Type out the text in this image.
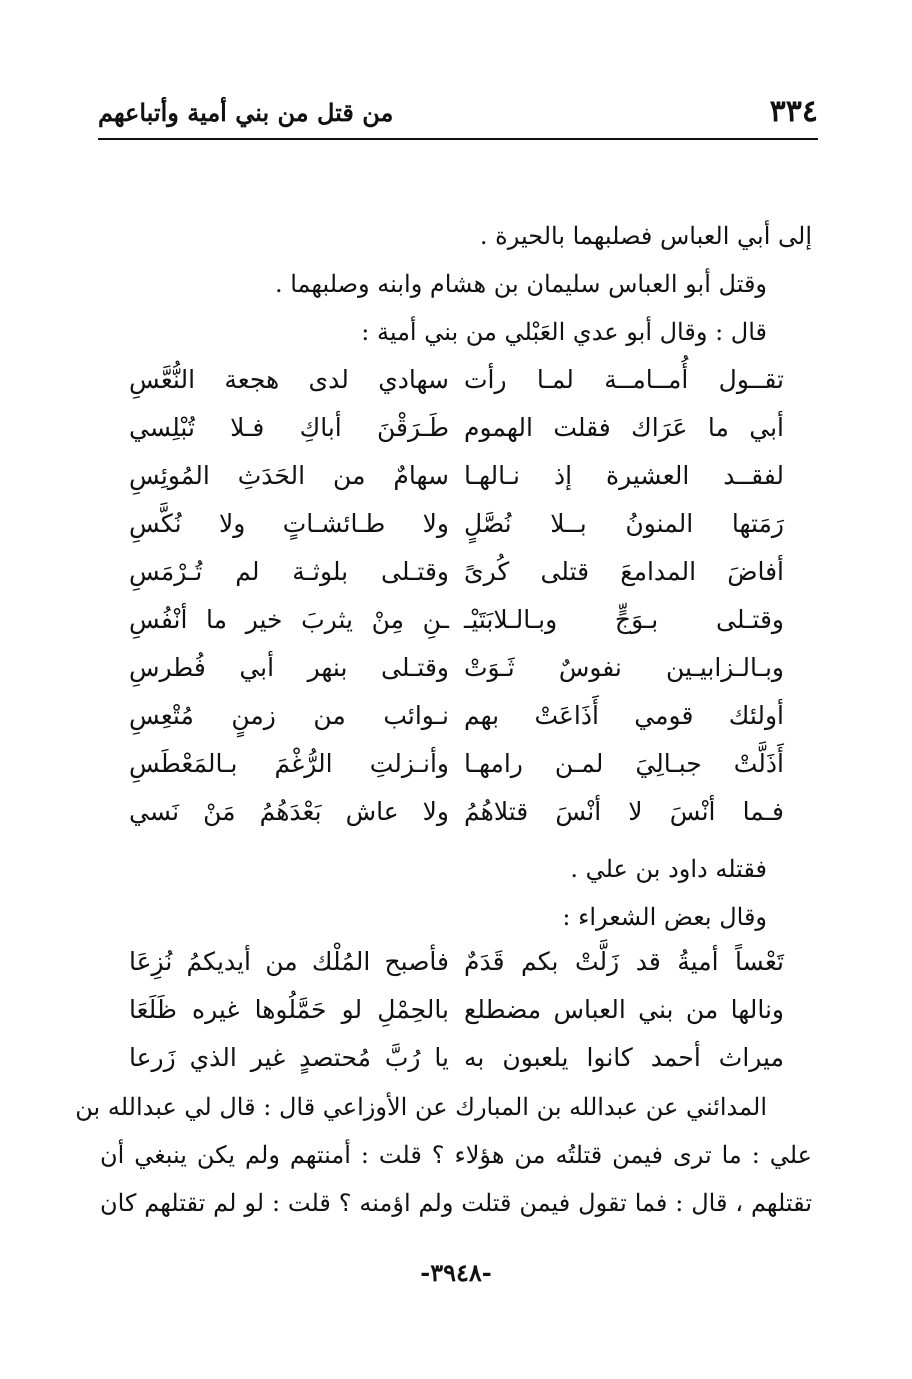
٣٣٤
من قتل من بني أمية وأتباعهم
إلى أبي العباس فصلبهما بالحيرة .
وقتل أبو العباس سليمان بن هشام وابنه وصلبهما .
قال : وقال أبو عدي العَبْلي من بني أمية :
تقــول أُمــامــة لمـا رأت
سهادي لدى هجعة النُّعَّسِ
أبي ما عَرَاك فقلت الهموم
طَـرَقْنَ أباكِ فـلا تُبْلِسي
لفقــد العشيرة إذ نـالهـا
سهامٌ من الحَدَثِ المُوئِسِ
رَمَتها المنونُ بــلا نُصَّلٍ
ولا طـائشـاتٍ ولا نُكَّسِ
أفاضَ المدامعَ قتلى كُرىً
وقتـلى بلوثـة لم تُـرْمَسِ
وقتـلى بـوَجٍّ وبـالـلابَتَيْـ
ـنِ مِنْ يثربَ خير ما أنْفُسِ
وبـالـزابيـين نفوسٌ ثَـوَتْ
وقتـلى بنهر أبي فُطرسِ
أولئك قومي أَذَاعَتْ بهم
نـوائب من زمنٍ مُتْعِسِ
أَذَلَّتْ جبـالِيَ لمـن رامهـا
وأنـزلتِ الرُّغْمَ بـالمَعْطَسِ
فـما أنْسَ لا أنْسَ قتلاهُمُ
ولا عاش بَعْدَهُمُ مَنْ نَسي
فقتله داود بن علي .
وقال بعض الشعراء :
تَعْساً أميةُ قد زَلَّتْ بكم قَدَمٌ
فأصبح المُلْك من أيديكمُ نُزِعَا
ونالها من بني العباس مضطلع
بالحِمْلِ لو حَمَّلُوها غيره ظَلَعَا
ميراث أحمد كانوا يلعبون به
يا رُبَّ مُحتصدٍ غير الذي زَرعا
المدائني عن عبدالله بن المبارك عن الأوزاعي قال : قال لي عبدالله بن
علي : ما ترى فيمن قتلتُه من هؤلاء ؟ قلت : أمنتهم ولم يكن ينبغي أن
تقتلهم ، قال : فما تقول فيمن قتلت ولم اؤمنه ؟ قلت : لو لم تقتلهم كان
-٣٩٤٨-
